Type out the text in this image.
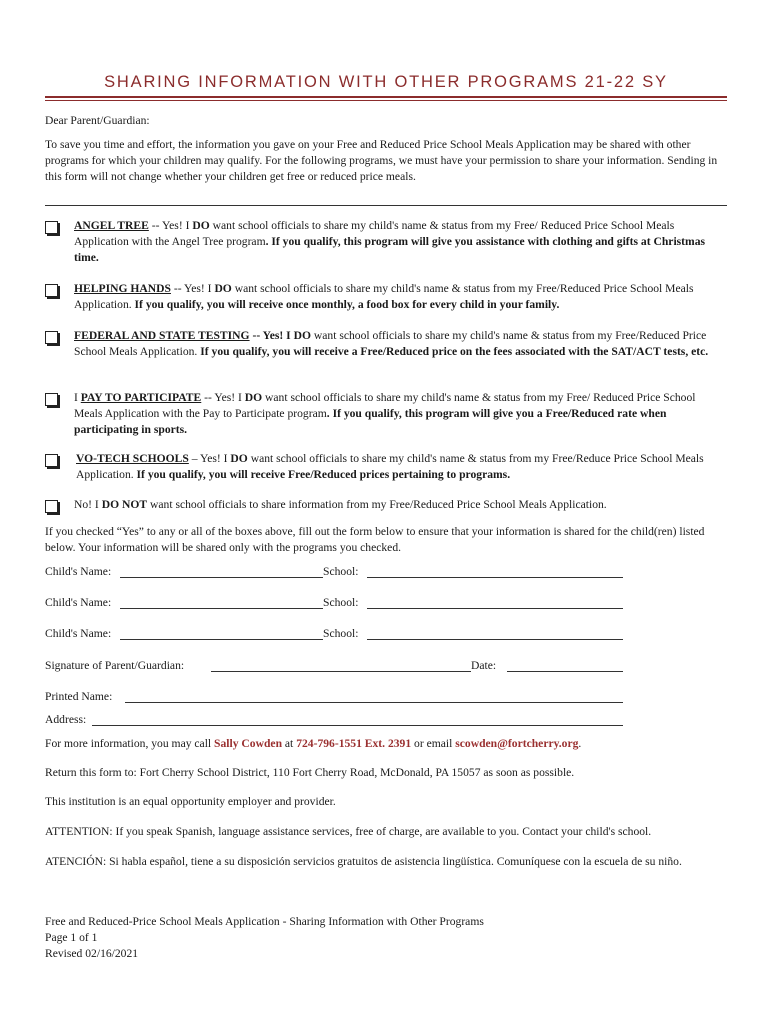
SHARING INFORMATION WITH OTHER PROGRAMS 21-22 SY
Dear Parent/Guardian:
To save you time and effort, the information you gave on your Free and Reduced Price School Meals Application may be shared with other programs for which your children may qualify. For the following programs, we must have your permission to share your information. Sending in this form will not change whether your children get free or reduced price meals.
ANGEL TREE -- Yes! I DO want school officials to share my child's name & status from my Free/ Reduced Price School Meals Application with the Angel Tree program. If you qualify, this program will give you assistance with clothing and gifts at Christmas time.
HELPING HANDS -- Yes! I DO want school officials to share my child's name & status from my Free/Reduced Price School Meals Application. If you qualify, you will receive once monthly, a food box for every child in your family.
FEDERAL AND STATE TESTING -- Yes! I DO want school officials to share my child's name & status from my Free/Reduced Price School Meals Application. If you qualify, you will receive a Free/Reduced price on the fees associated with the SAT/ACT tests, etc.
I PAY TO PARTICIPATE -- Yes! I DO want school officials to share my child's name & status from my Free/ Reduced Price School Meals Application with the Pay to Participate program. If you qualify, this program will give you a Free/Reduced rate when participating in sports.
VO-TECH SCHOOLS – Yes! I DO want school officials to share my child's name & status from my Free/Reduce Price School Meals Application. If you qualify, you will receive Free/Reduced prices pertaining to programs.
No! I DO NOT want school officials to share information from my Free/Reduced Price School Meals Application.
If you checked “Yes” to any or all of the boxes above, fill out the form below to ensure that your information is shared for the child(ren) listed below. Your information will be shared only with the programs you checked.
Child's Name:	School:
Child's Name:	School:
Child's Name:	School:
Signature of Parent/Guardian:	Date:
Printed Name:
Address:
For more information, you may call Sally Cowden at 724-796-1551 Ext. 2391 or email scowden@fortcherry.org.
Return this form to: Fort Cherry School District, 110 Fort Cherry Road, McDonald, PA 15057 as soon as possible.
This institution is an equal opportunity employer and provider.
ATTENTION: If you speak Spanish, language assistance services, free of charge, are available to you. Contact your child's school.
ATENCIÓN: Si habla español, tiene a su disposición servicios gratuitos de asistencia lingüística. Comuníquese con la escuela de su niño.
Free and Reduced-Price School Meals Application - Sharing Information with Other Programs
Page 1 of 1
Revised 02/16/2021
